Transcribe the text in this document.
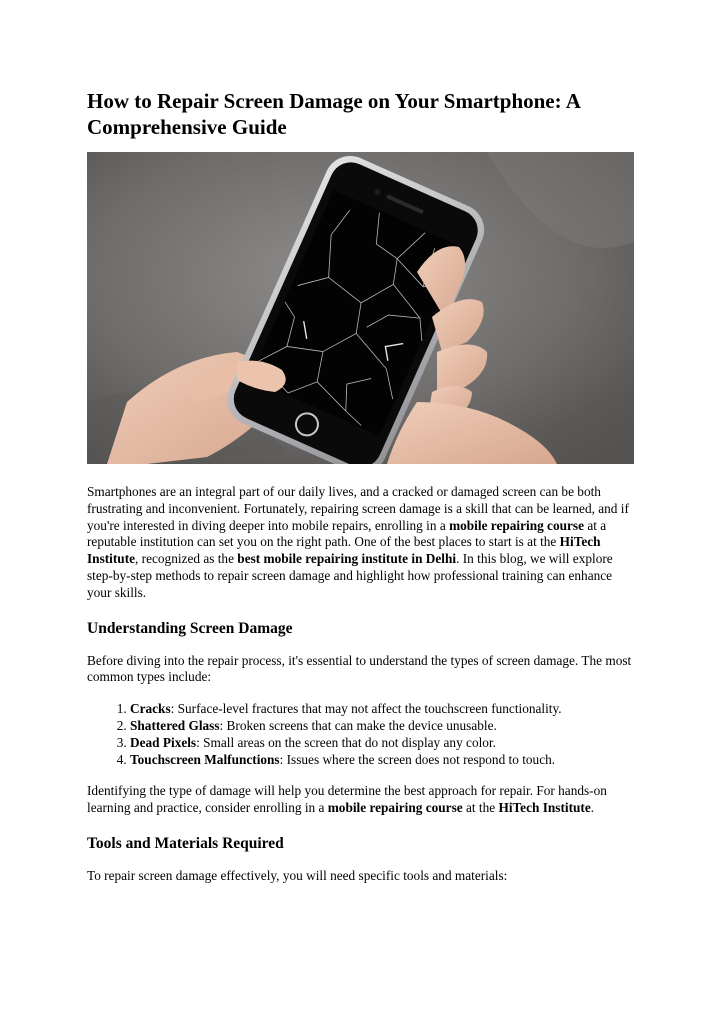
How to Repair Screen Damage on Your Smartphone: A Comprehensive Guide

Smartphones are an integral part of our daily lives, and a cracked or damaged screen can be both frustrating and inconvenient. Fortunately, repairing screen damage is a skill that can be learned, and if you're interested in diving deeper into mobile repairs, enrolling in a mobile repairing course at a reputable institution can set you on the right path. One of the best places to start is at the HiTech Institute, recognized as the best mobile repairing institute in Delhi. In this blog, we will explore step-by-step methods to repair screen damage and highlight how professional training can enhance your skills.

Understanding Screen Damage

Before diving into the repair process, it's essential to understand the types of screen damage. The most common types include:

1. Cracks: Surface-level fractures that may not affect the touchscreen functionality.
2. Shattered Glass: Broken screens that can make the device unusable.
3. Dead Pixels: Small areas on the screen that do not display any color.
4. Touchscreen Malfunctions: Issues where the screen does not respond to touch.

Identifying the type of damage will help you determine the best approach for repair. For hands-on learning and practice, consider enrolling in a mobile repairing course at the HiTech Institute.

Tools and Materials Required

To repair screen damage effectively, you will need specific tools and materials:
